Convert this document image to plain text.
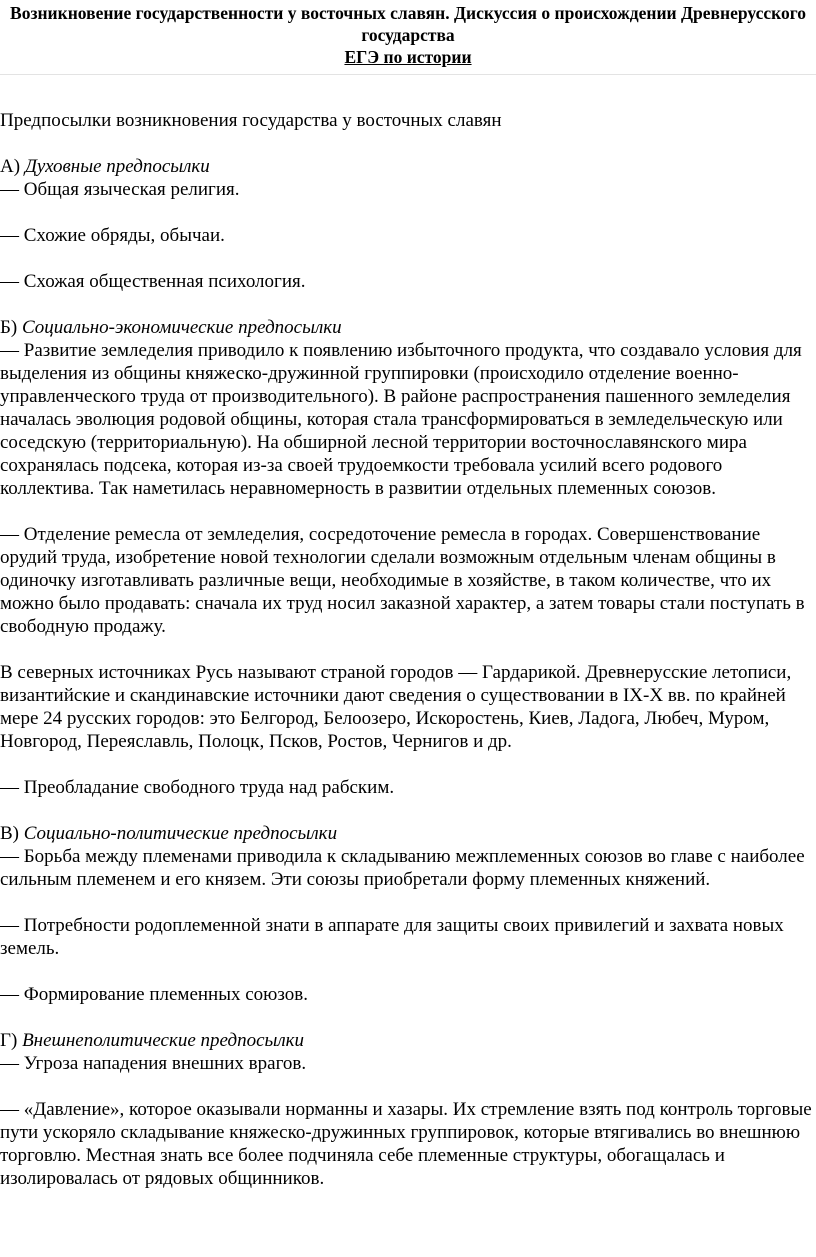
Возникновение государственности у восточных славян. Дискуссия о происхождении Древнерусского государства
ЕГЭ по истории

Предпосылки возникновения государства у восточных славян

А) Духовные предпосылки

— Общая языческая религия.

— Схожие обряды, обычаи.

— Схожая общественная психология.

Б) Социально-экономические предпосылки

— Развитие земледелия приводило к появлению избыточного продукта, что создавало условия для выделения из общины княжеско-дружинной группировки (происходило отделение военно-управленческого труда от производительного). В районе распространения пашенного земледелия началась эволюция родовой общины, которая стала трансформироваться в земледельческую или соседскую (территориальную). На обширной лесной территории восточнославянского мира сохранялась подсека, которая из-за своей трудоемкости требовала усилий всего родового коллектива. Так наметилась неравномерность в развитии отдельных племенных союзов.

— Отделение ремесла от земледелия, сосредоточение ремесла в городах. Совершенствование орудий труда, изобретение новой технологии сделали возможным отдельным членам общины в одиночку изготавливать различные вещи, необходимые в хозяйстве, в таком количестве, что их можно было продавать: сначала их труд носил заказной характер, а затем товары стали поступать в свободную продажу.

В северных источниках Русь называют страной городов — Гардарикой. Древнерусские летописи, византийские и скандинавские источники дают сведения о существовании в IX-X вв. по крайней мере 24 русских городов: это Белгород, Белоозеро, Искоростень, Киев, Ладога, Любеч, Муром, Новгород, Переяславль, Полоцк, Псков, Ростов, Чернигов и др.

— Преобладание свободного труда над рабским.

В) Социально-политические предпосылки

— Борьба между племенами приводила к складыванию межплеменных союзов во главе с наиболее сильным племенем и его князем. Эти союзы приобретали форму племенных княжений.

— Потребности родоплеменной знати в аппарате для защиты своих привилегий и захвата новых земель.

— Формирование племенных союзов.

Г) Внешнеполитические предпосылки

— Угроза нападения внешних врагов.

— «Давление», которое оказывали норманны и хазары. Их стремление взять под контроль торговые пути ускоряло складывание княжеско-дружинных группировок, которые втягивались во внешнюю торговлю. Местная знать все более подчиняла себе племенные структуры, обогащалась и изолировалась от рядовых общинников.
